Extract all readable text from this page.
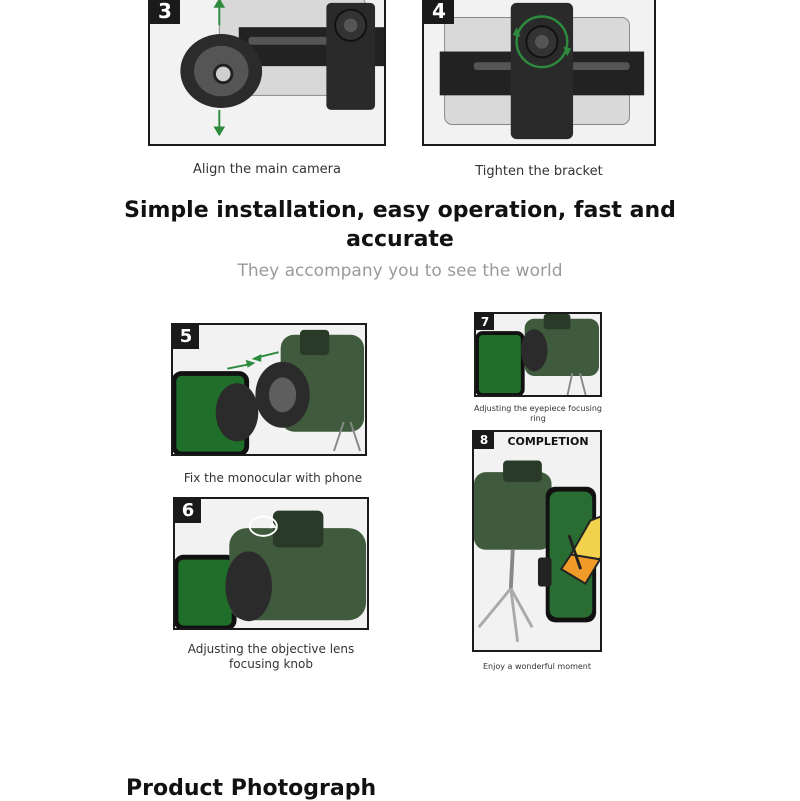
3
Align the main camera
4
Tighten the bracket
Simple installation, easy operation, fast and accurate
They accompany you to see the world
5
Fix the monocular with phone
6
Adjusting the objective lens focusing knob
7
Adjusting the eyepiece focusing ring
8	COMPLETION
Enjoy a wonderful moment
Product Photograph
